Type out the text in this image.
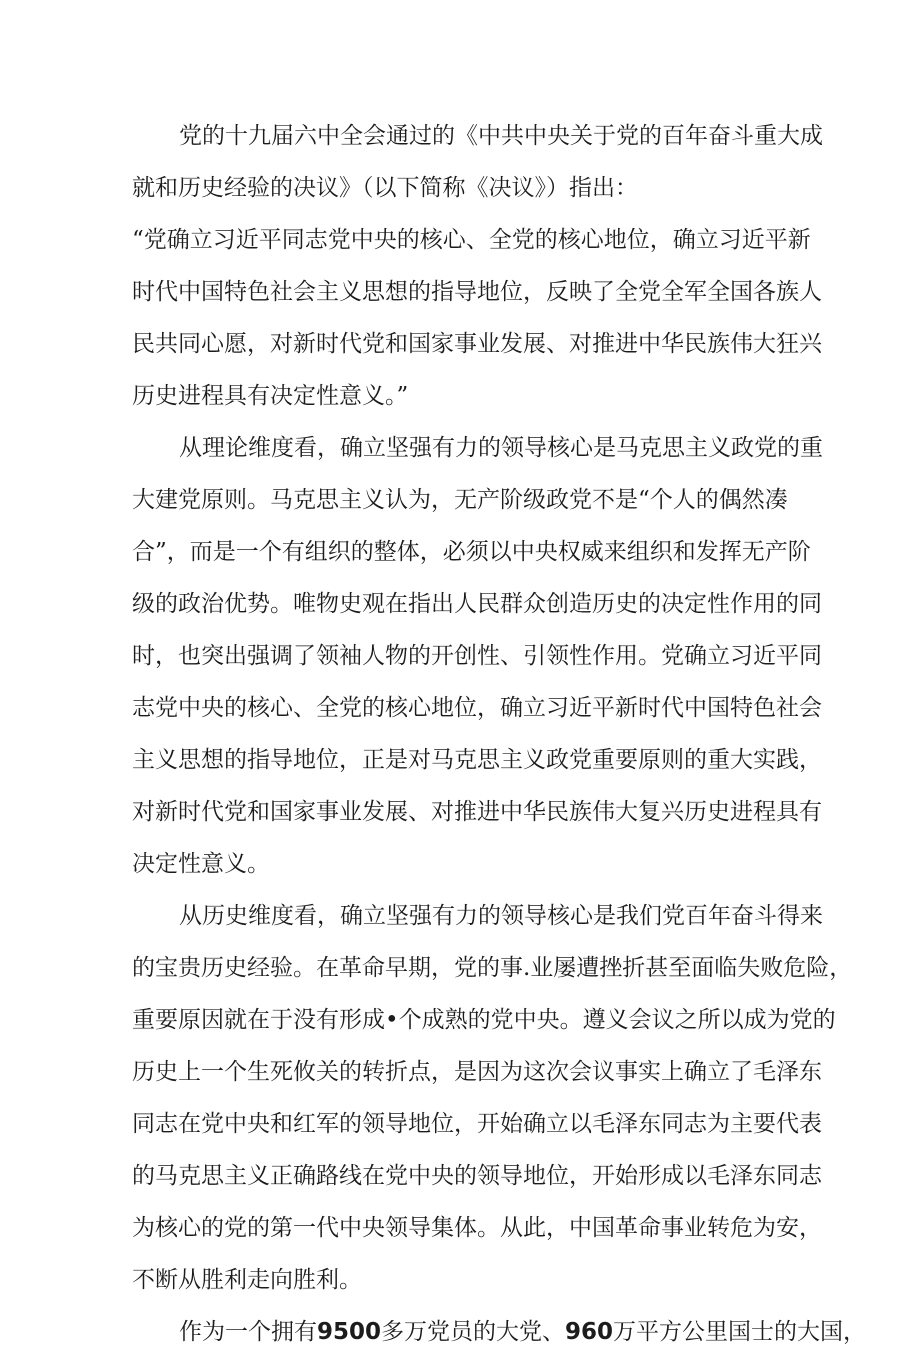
党的十九届六中全会通过的《中共中央关于党的百年奋斗重大成
就和历史经验的决议》（以下简称《决议》）指出：
“党确立习近平同志党中央的核心、全党的核心地位，确立习近平新
时代中国特色社会主义思想的指导地位，反映了全党全军全国各族人
民共同心愿，对新时代党和国家事业发展、对推进中华民族伟大狂兴
历史进程具有决定性意义。”
从理论维度看，确立坚强有力的领导核心是马克思主义政党的重
大建党原则。马克思主义认为，无产阶级政党不是“个人的偶然凑
合”，而是一个有组织的整体，必须以中央权威来组织和发挥无产阶
级的政治优势。唯物史观在指出人民群众创造历史的决定性作用的同
时，也突出强调了领袖人物的开创性、引领性作用。党确立习近平同
志党中央的核心、全党的核心地位，确立习近平新时代中国特色社会
主义思想的指导地位，正是对马克思主义政党重要原则的重大实践，
对新时代党和国家事业发展、对推进中华民族伟大复兴历史进程具有
决定性意义。
从历史维度看，确立坚强有力的领导核心是我们党百年奋斗得来
的宝贵历史经验。在革命早期，党的事.业屡遭挫折甚至面临失败危险，
重要原因就在于没有形成•个成熟的党中央。遵义会议之所以成为党的
历史上一个生死攸关的转折点，是因为这次会议事实上确立了毛泽东
同志在党中央和红军的领导地位，开始确立以毛泽东同志为主要代表
的马克思主义正确路线在党中央的领导地位，开始形成以毛泽东同志
为核心的党的第一代中央领导集体。从此，中国革命事业转危为安，
不断从胜利走向胜利。
作为一个拥有9500多万党员的大党、960万平方公里国士的大国，
